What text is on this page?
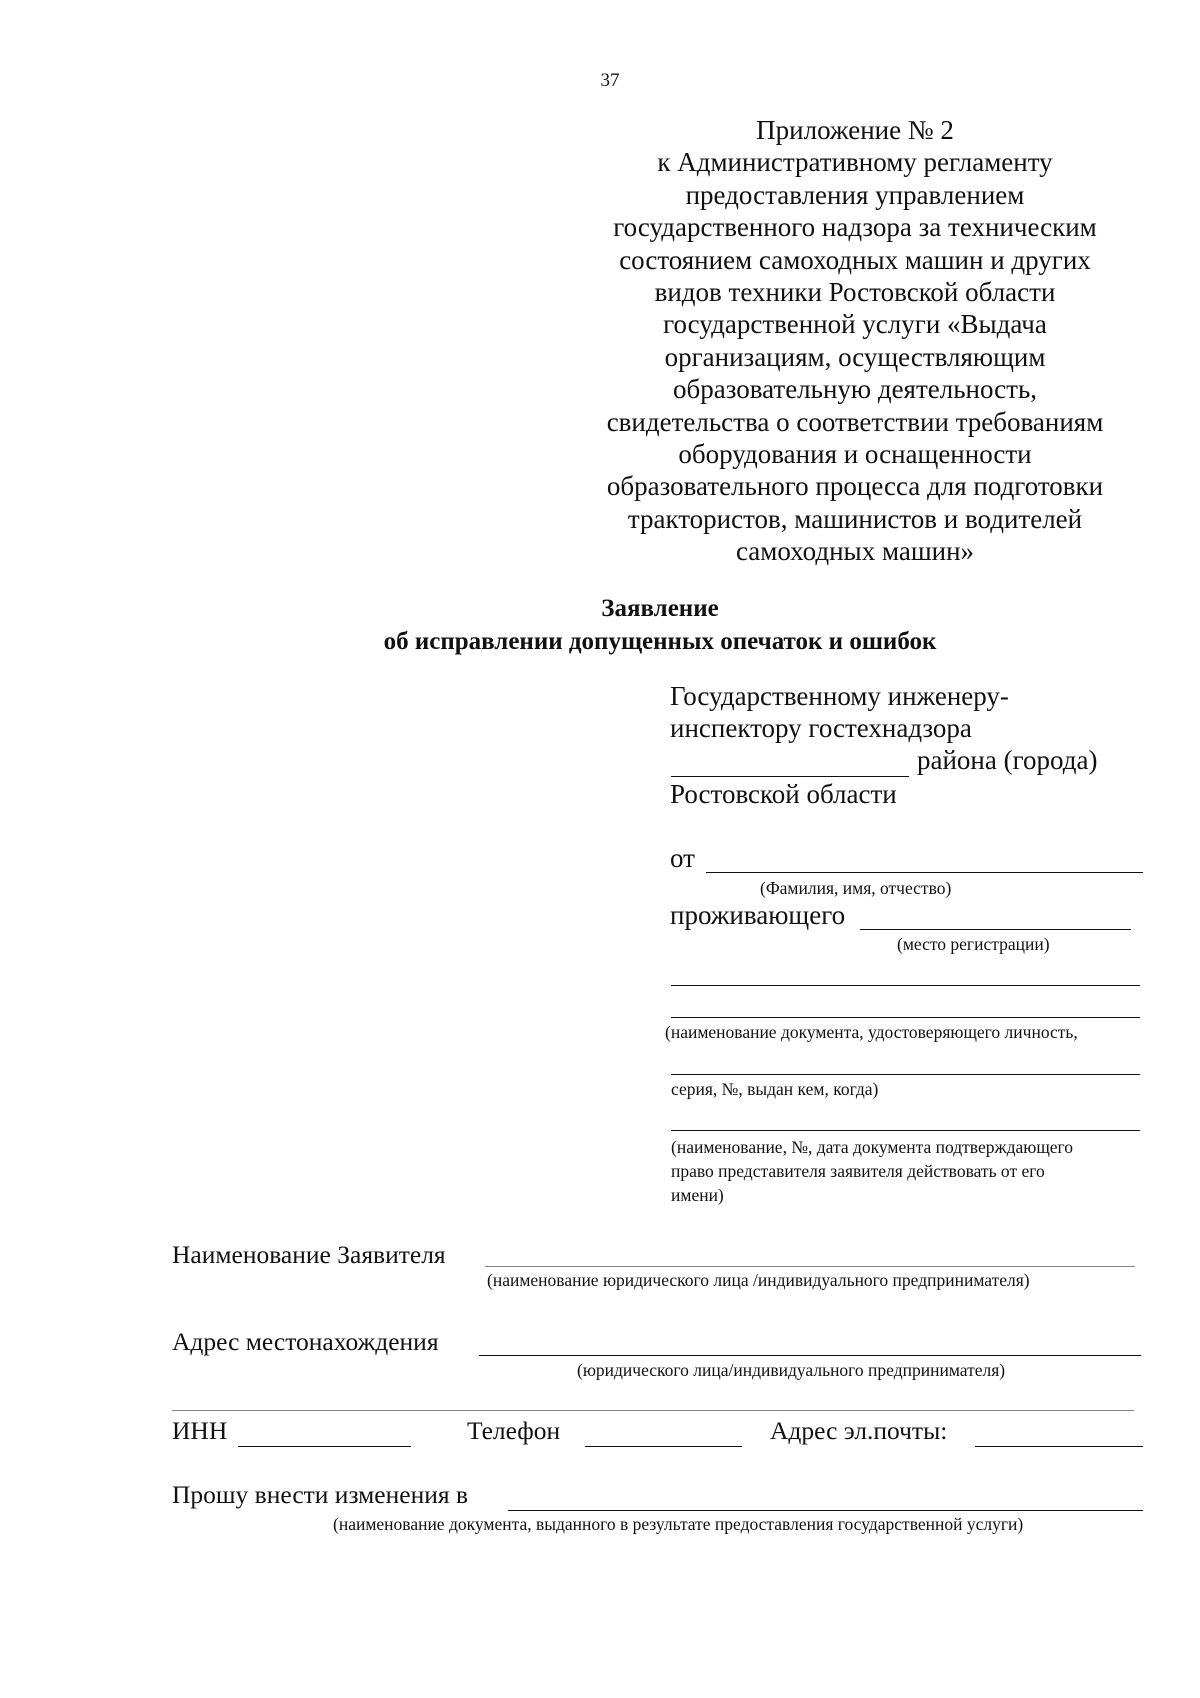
37
Приложение № 2
к Административному регламенту
предоставления управлением
государственного надзора за техническим
состоянием самоходных машин и других
видов техники Ростовской области
государственной услуги «Выдача
организациям, осуществляющим
образовательную деятельность,
свидетельства о соответствии требованиям
оборудования и оснащенности
образовательного процесса для подготовки
трактористов, машинистов и водителей
самоходных машин»
Заявление
об исправлении допущенных опечаток и ошибок
Государственному инженеру-
инспектору гостехнадзора
района (города)
Ростовской области
от
(Фамилия, имя, отчество)
проживающего
(место регистрации)
(наименование документа, удостоверяющего личность,
серия, №, выдан кем, когда)
(наименование, №, дата документа подтверждающего
право представителя заявителя действовать от его
имени)
Наименование Заявителя
(наименование юридического лица /индивидуального предпринимателя)
Адрес местонахождения
(юридического лица/индивидуального предпринимателя)
ИНН	Телефон	Адрес эл.почты:
Прошу внести изменения в
(наименование документа, выданного в результате предоставления государственной услуги)
